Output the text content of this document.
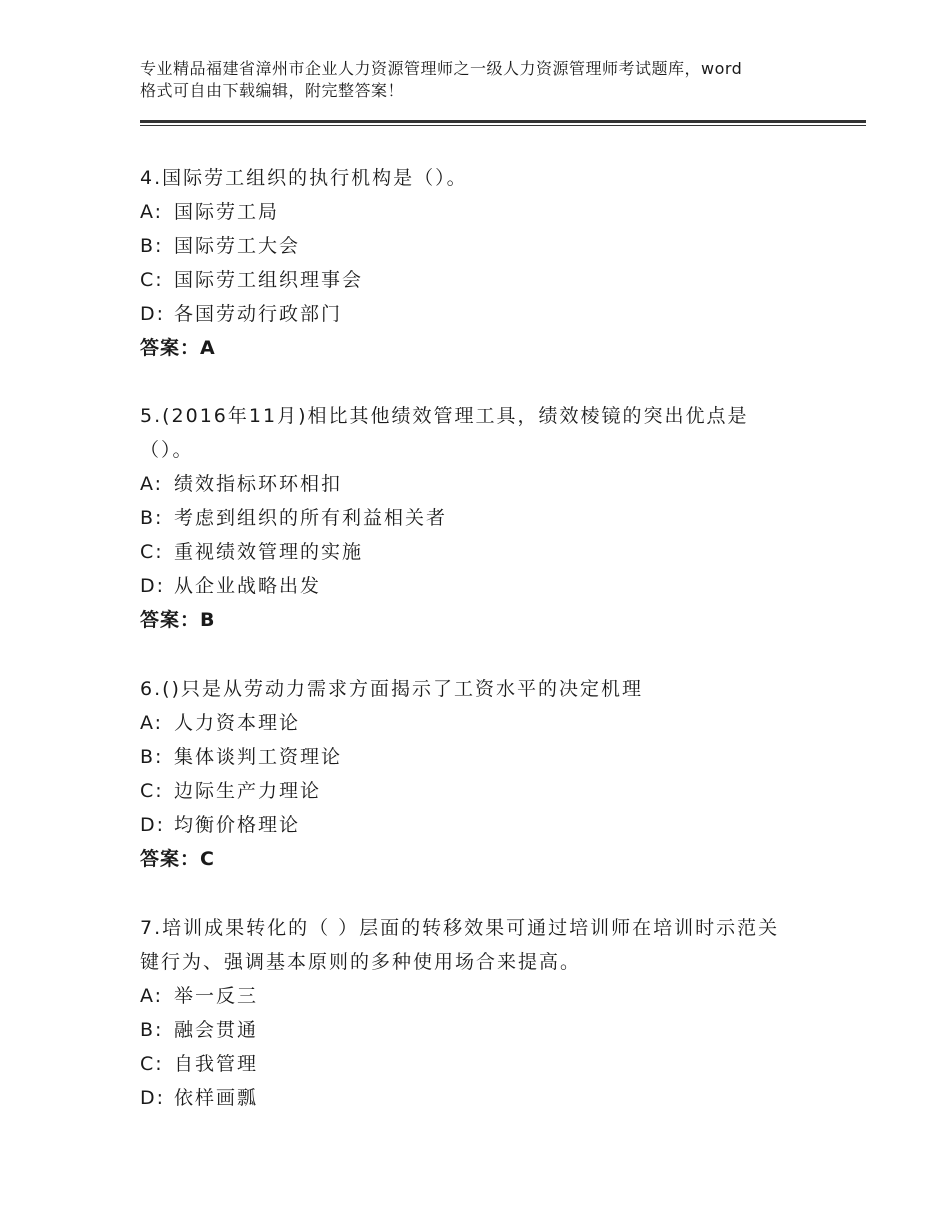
专业精品福建省漳州市企业人力资源管理师之一级人力资源管理师考试题库，word
格式可自由下载编辑，附完整答案！
4.国际劳工组织的执行机构是（）。
A: 国际劳工局
B: 国际劳工大会
C: 国际劳工组织理事会
D: 各国劳动行政部门
答案：A
5.(2016年11月)相比其他绩效管理工具，绩效棱镜的突出优点是
（）。
A: 绩效指标环环相扣
B: 考虑到组织的所有利益相关者
C: 重视绩效管理的实施
D: 从企业战略出发
答案：B
6.()只是从劳动力需求方面揭示了工资水平的决定机理
A: 人力资本理论
B: 集体谈判工资理论
C: 边际生产力理论
D: 均衡价格理论
答案：C
7.培训成果转化的（ ）层面的转移效果可通过培训师在培训时示范关
键行为、强调基本原则的多种使用场合来提高。
A: 举一反三
B: 融会贯通
C: 自我管理
D: 依样画瓢
